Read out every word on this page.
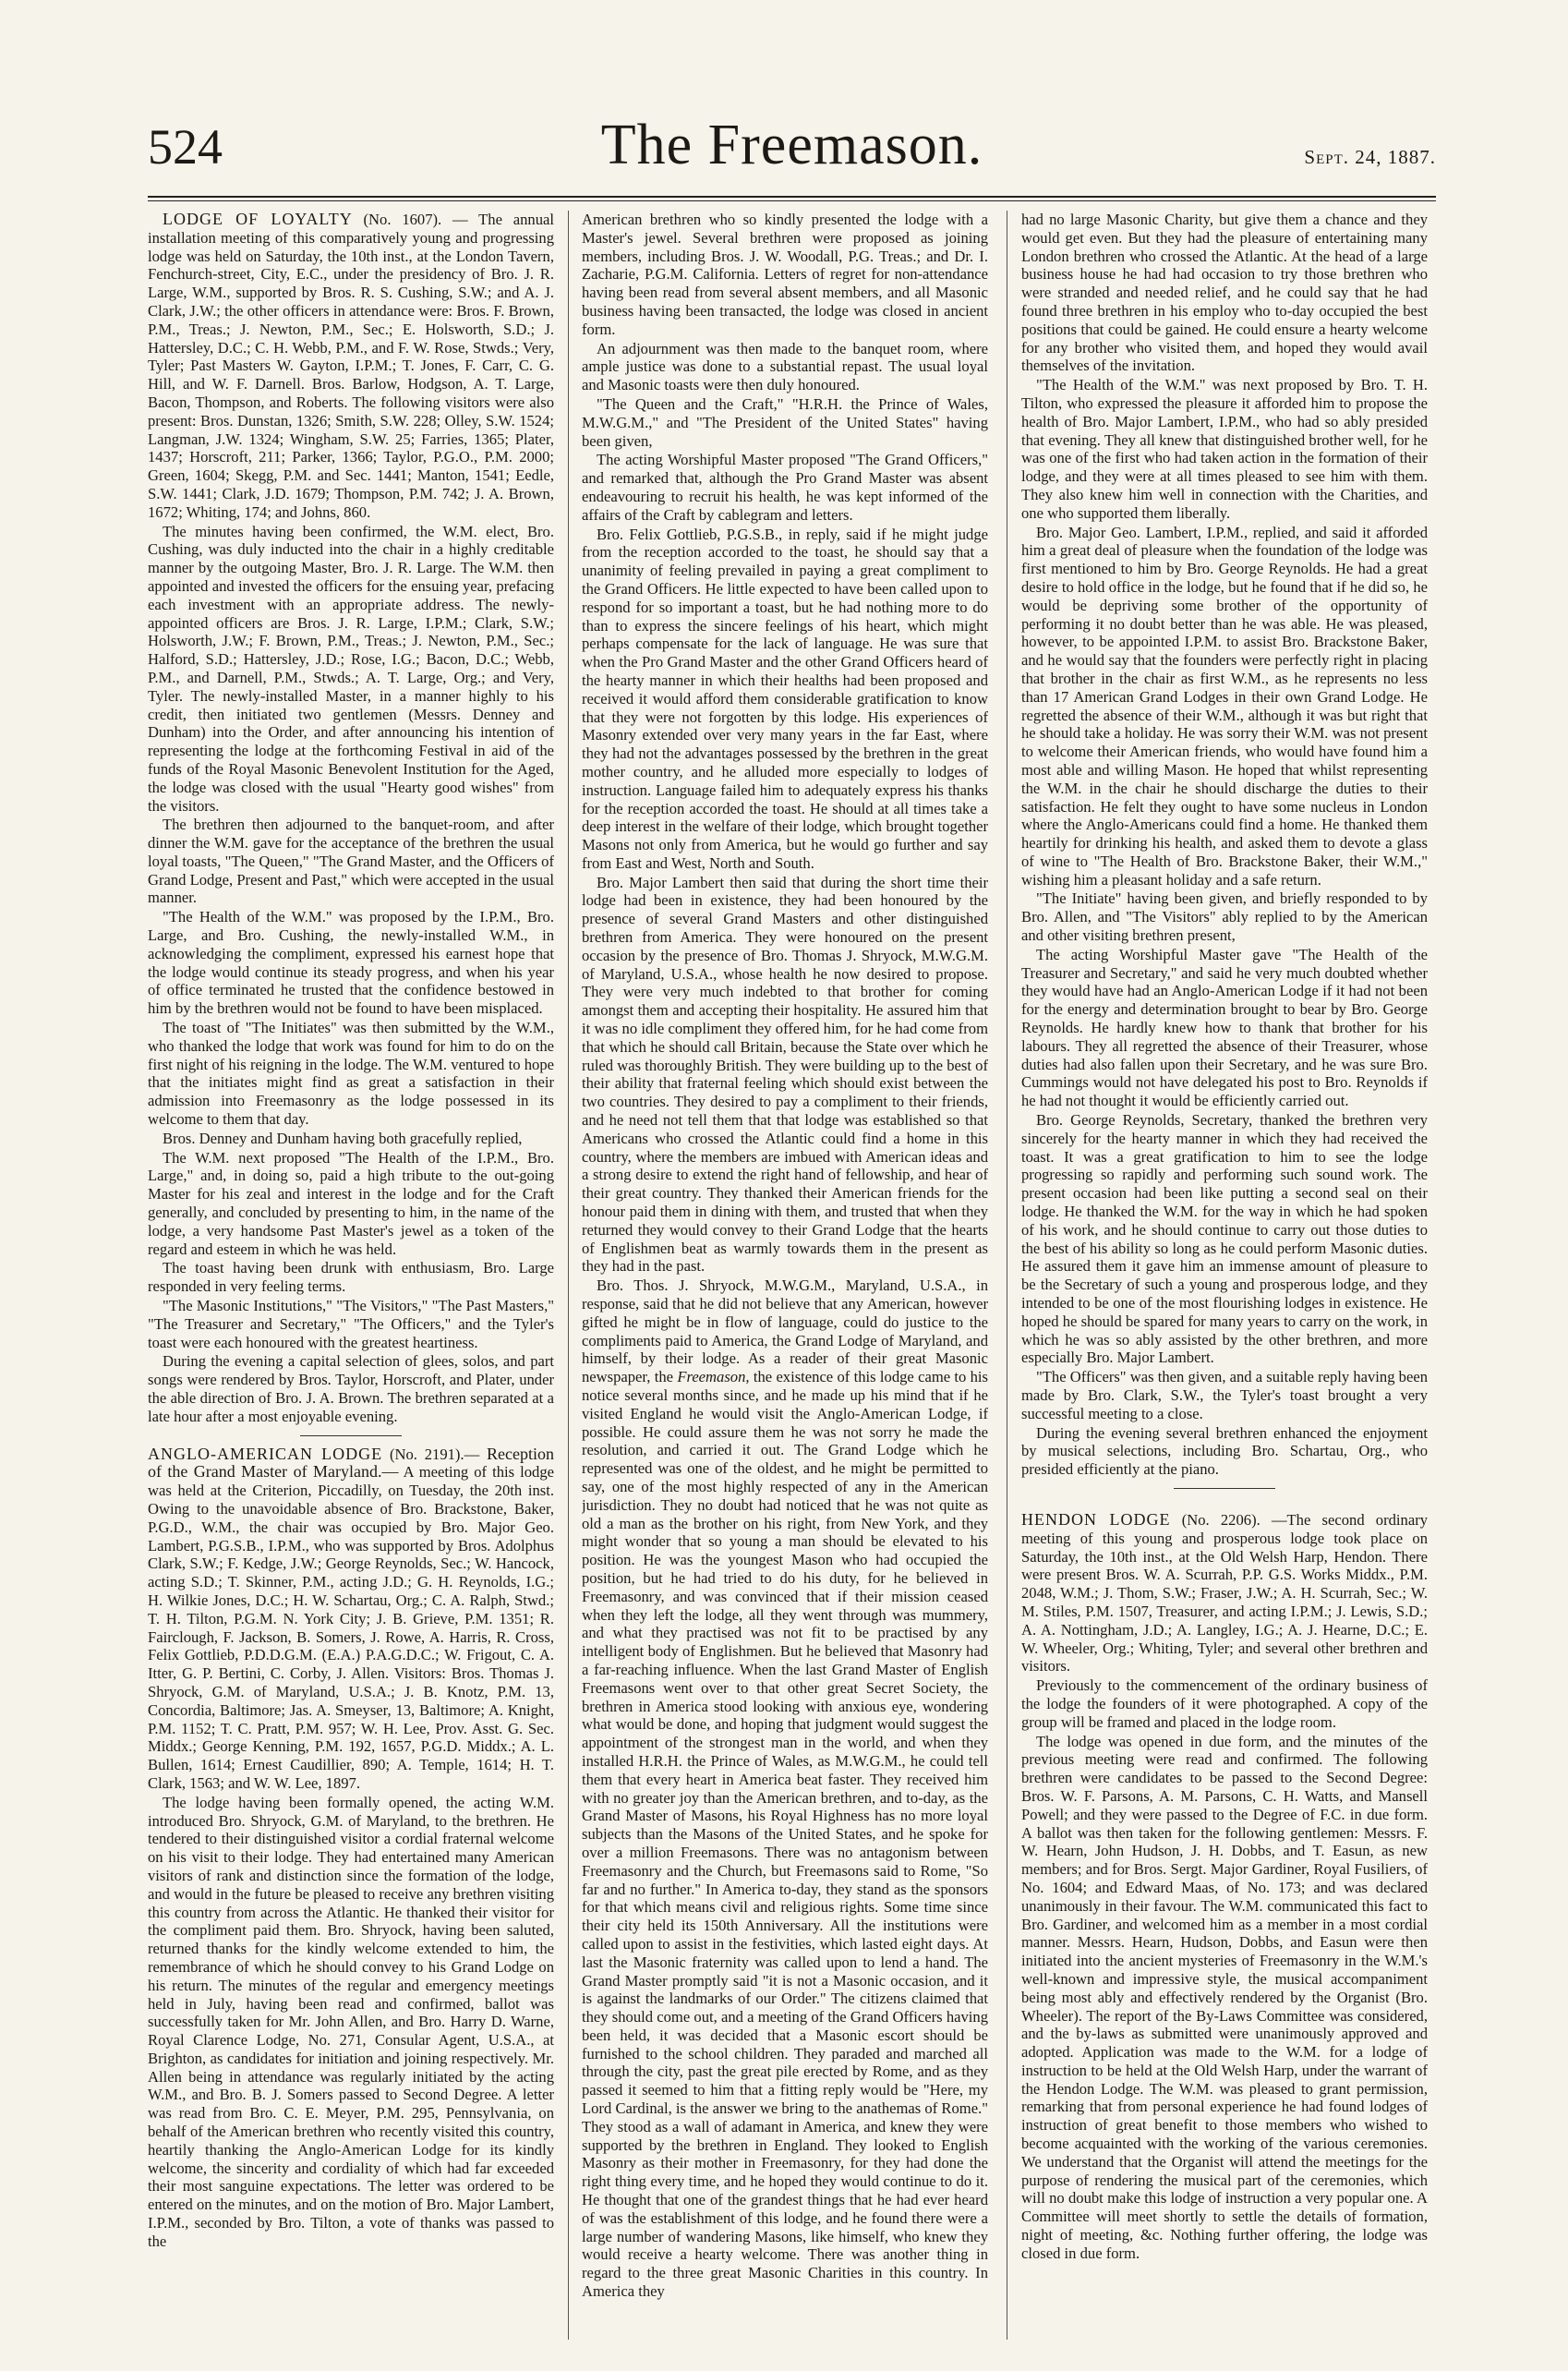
524	The Freemason.	Sept. 24, 1887.

LODGE OF LOYALTY (No. 1607). — The annual installation meeting of this comparatively young and progressing lodge was held on Saturday, the 10th inst., at the London Tavern, Fenchurch-street, City, E.C., under the presidency of Bro. J. R. Large, W.M., supported by Bros. R. S. Cushing, S.W.; and A. J. Clark, J.W.; the other officers in attendance were: Bros. F. Brown, P.M., Treas.; J. Newton, P.M., Sec.; E. Holsworth, S.D.; J. Hattersley, D.C.; C. H. Webb, P.M., and F. W. Rose, Stwds.; Very, Tyler; Past Masters W. Gayton, I.P.M.; T. Jones, F. Carr, C. G. Hill, and W. F. Darnell. Bros. Barlow, Hodgson, A. T. Large, Bacon, Thompson, and Roberts. The following visitors were also present: Bros. Dunstan, 1326; Smith, S.W. 228; Olley, S.W. 1524; Langman, J.W. 1324; Wingham, S.W. 25; Farries, 1365; Plater, 1437; Horscroft, 211; Parker, 1366; Taylor, P.G.O., P.M. 2000; Green, 1604; Skegg, P.M. and Sec. 1441; Manton, 1541; Eedle, S.W. 1441; Clark, J.D. 1679; Thompson, P.M. 742; J. A. Brown, 1672; Whiting, 174; and Johns, 860.

The minutes having been confirmed, the W.M. elect, Bro. Cushing, was duly inducted into the chair in a highly creditable manner by the outgoing Master, Bro. J. R. Large. The W.M. then appointed and invested the officers for the ensuing year, prefacing each investment with an appropriate address. The newly-appointed officers are Bros. J. R. Large, I.P.M.; Clark, S.W.; Holsworth, J.W.; F. Brown, P.M., Treas.; J. Newton, P.M., Sec.; Halford, S.D.; Hattersley, J.D.; Rose, I.G.; Bacon, D.C.; Webb, P.M., and Darnell, P.M., Stwds.; A. T. Large, Org.; and Very, Tyler. The newly-installed Master, in a manner highly to his credit, then initiated two gentlemen (Messrs. Denney and Dunham) into the Order, and after announcing his intention of representing the lodge at the forthcoming Festival in aid of the funds of the Royal Masonic Benevolent Institution for the Aged, the lodge was closed with the usual "Hearty good wishes" from the visitors.

The brethren then adjourned to the banquet-room, and after dinner the W.M. gave for the acceptance of the brethren the usual loyal toasts, "The Queen," "The Grand Master, and the Officers of Grand Lodge, Present and Past," which were accepted in the usual manner.

"The Health of the W.M." was proposed by the I.P.M., Bro. Large, and Bro. Cushing, the newly-installed W.M., in acknowledging the compliment, expressed his earnest hope that the lodge would continue its steady progress, and when his year of office terminated he trusted that the confidence bestowed in him by the brethren would not be found to have been misplaced.

The toast of "The Initiates" was then submitted by the W.M., who thanked the lodge that work was found for him to do on the first night of his reigning in the lodge. The W.M. ventured to hope that the initiates might find as great a satisfaction in their admission into Freemasonry as the lodge possessed in its welcome to them that day.

Bros. Denney and Dunham having both gracefully replied,

The W.M. next proposed "The Health of the I.P.M., Bro. Large," and, in doing so, paid a high tribute to the out-going Master for his zeal and interest in the lodge and for the Craft generally, and concluded by presenting to him, in the name of the lodge, a very handsome Past Master's jewel as a token of the regard and esteem in which he was held.

The toast having been drunk with enthusiasm, Bro. Large responded in very feeling terms.

"The Masonic Institutions," "The Visitors," "The Past Masters," "The Treasurer and Secretary," "The Officers," and the Tyler's toast were each honoured with the greatest heartiness.

During the evening a capital selection of glees, solos, and part songs were rendered by Bros. Taylor, Horscroft, and Plater, under the able direction of Bro. J. A. Brown. The brethren separated at a late hour after a most enjoyable evening.

ANGLO-AMERICAN LODGE (No. 2191).— Reception of the Grand Master of Maryland.— A meeting of this lodge was held at the Criterion, Piccadilly, on Tuesday, the 20th inst. Owing to the unavoidable absence of Bro. Brackstone, Baker, P.G.D., W.M., the chair was occupied by Bro. Major Geo. Lambert, P.G.S.B., I.P.M., who was supported by Bros. Adolphus Clark, S.W.; F. Kedge, J.W.; George Reynolds, Sec.; W. Hancock, acting S.D.; T. Skinner, P.M., acting J.D.; G. H. Reynolds, I.G.; H. Wilkie Jones, D.C.; H. W. Schartau, Org.; C. A. Ralph, Stwd.; T. H. Tilton, P.G.M. N. York City; J. B. Grieve, P.M. 1351; R. Fairclough, F. Jackson, B. Somers, J. Rowe, A. Harris, R. Cross, Felix Gottlieb, P.D.D.G.M. (E.A.) P.A.G.D.C.; W. Frigout, C. A. Itter, G. P. Bertini, C. Corby, J. Allen. Visitors: Bros. Thomas J. Shryock, G.M. of Maryland, U.S.A.; J. B. Knotz, P.M. 13, Concordia, Baltimore; Jas. A. Smeyser, 13, Baltimore; A. Knight, P.M. 1152; T. C. Pratt, P.M. 957; W. H. Lee, Prov. Asst. G. Sec. Middx.; George Kenning, P.M. 192, 1657, P.G.D. Middx.; A. L. Bullen, 1614; Ernest Caudillier, 890; A. Temple, 1614; H. T. Clark, 1563; and W. W. Lee, 1897.

The lodge having been formally opened, the acting W.M. introduced Bro. Shryock, G.M. of Maryland, to the brethren. He tendered to their distinguished visitor a cordial fraternal welcome on his visit to their lodge. They had entertained many American visitors of rank and distinction since the formation of the lodge, and would in the future be pleased to receive any brethren visiting this country from across the Atlantic. He thanked their visitor for the compliment paid them. Bro. Shryock, having been saluted, returned thanks for the kindly welcome extended to him, the remembrance of which he should convey to his Grand Lodge on his return. The minutes of the regular and emergency meetings held in July, having been read and confirmed, ballot was successfully taken for Mr. John Allen, and Bro. Harry D. Warne, Royal Clarence Lodge, No. 271, Consular Agent, U.S.A., at Brighton, as candidates for initiation and joining respectively. Mr. Allen being in attendance was regularly initiated by the acting W.M., and Bro. B. J. Somers passed to Second Degree. A letter was read from Bro. C. E. Meyer, P.M. 295, Pennsylvania, on behalf of the American brethren who recently visited this country, heartily thanking the Anglo-American Lodge for its kindly welcome, the sincerity and cordiality of which had far exceeded their most sanguine expectations. The letter was ordered to be entered on the minutes, and on the motion of Bro. Major Lambert, I.P.M., seconded by Bro. Tilton, a vote of thanks was passed to the

American brethren who so kindly presented the lodge with a Master's jewel. Several brethren were proposed as joining members, including Bros. J. W. Woodall, P.G. Treas.; and Dr. I. Zacharie, P.G.M. California. Letters of regret for non-attendance having been read from several absent members, and all Masonic business having been transacted, the lodge was closed in ancient form.

An adjournment was then made to the banquet room, where ample justice was done to a substantial repast. The usual loyal and Masonic toasts were then duly honoured.

"The Queen and the Craft," "H.R.H. the Prince of Wales, M.W.G.M.," and "The President of the United States" having been given,

The acting Worshipful Master proposed "The Grand Officers," and remarked that, although the Pro Grand Master was absent endeavouring to recruit his health, he was kept informed of the affairs of the Craft by cablegram and letters.

Bro. Felix Gottlieb, P.G.S.B., in reply, said if he might judge from the reception accorded to the toast, he should say that a unanimity of feeling prevailed in paying a great compliment to the Grand Officers. He little expected to have been called upon to respond for so important a toast, but he had nothing more to do than to express the sincere feelings of his heart, which might perhaps compensate for the lack of language. He was sure that when the Pro Grand Master and the other Grand Officers heard of the hearty manner in which their healths had been proposed and received it would afford them considerable gratification to know that they were not forgotten by this lodge. His experiences of Masonry extended over very many years in the far East, where they had not the advantages possessed by the brethren in the great mother country, and he alluded more especially to lodges of instruction. Language failed him to adequately express his thanks for the reception accorded the toast. He should at all times take a deep interest in the welfare of their lodge, which brought together Masons not only from America, but he would go further and say from East and West, North and South.

Bro. Major Lambert then said that during the short time their lodge had been in existence, they had been honoured by the presence of several Grand Masters and other distinguished brethren from America. They were honoured on the present occasion by the presence of Bro. Thomas J. Shryock, M.W.G.M. of Maryland, U.S.A., whose health he now desired to propose. They were very much indebted to that brother for coming amongst them and accepting their hospitality. He assured him that it was no idle compliment they offered him, for he had come from that which he should call Britain, because the State over which he ruled was thoroughly British. They were building up to the best of their ability that fraternal feeling which should exist between the two countries. They desired to pay a compliment to their friends, and he need not tell them that that lodge was established so that Americans who crossed the Atlantic could find a home in this country, where the members are imbued with American ideas and a strong desire to extend the right hand of fellowship, and hear of their great country. They thanked their American friends for the honour paid them in dining with them, and trusted that when they returned they would convey to their Grand Lodge that the hearts of Englishmen beat as warmly towards them in the present as they had in the past.

Bro. Thos. J. Shryock, M.W.G.M., Maryland, U.S.A., in response, said that he did not believe that any American, however gifted he might be in flow of language, could do justice to the compliments paid to America, the Grand Lodge of Maryland, and himself, by their lodge. As a reader of their great Masonic newspaper, the Freemason, the existence of this lodge came to his notice several months since, and he made up his mind that if he visited England he would visit the Anglo-American Lodge, if possible. He could assure them he was not sorry he made the resolution, and carried it out. The Grand Lodge which he represented was one of the oldest, and he might be permitted to say, one of the most highly respected of any in the American jurisdiction. They no doubt had noticed that he was not quite as old a man as the brother on his right, from New York, and they might wonder that so young a man should be elevated to his position. He was the youngest Mason who had occupied the position, but he had tried to do his duty, for he believed in Freemasonry, and was convinced that if their mission ceased when they left the lodge, all they went through was mummery, and what they practised was not fit to be practised by any intelligent body of Englishmen. But he believed that Masonry had a far-reaching influence. When the last Grand Master of English Freemasons went over to that other great Secret Society, the brethren in America stood looking with anxious eye, wondering what would be done, and hoping that judgment would suggest the appointment of the strongest man in the world, and when they installed H.R.H. the Prince of Wales, as M.W.G.M., he could tell them that every heart in America beat faster. They received him with no greater joy than the American brethren, and to-day, as the Grand Master of Masons, his Royal Highness has no more loyal subjects than the Masons of the United States, and he spoke for over a million Freemasons. There was no antagonism between Freemasonry and the Church, but Freemasons said to Rome, "So far and no further." In America to-day, they stand as the sponsors for that which means civil and religious rights. Some time since their city held its 150th Anniversary. All the institutions were called upon to assist in the festivities, which lasted eight days. At last the Masonic fraternity was called upon to lend a hand. The Grand Master promptly said "it is not a Masonic occasion, and it is against the landmarks of our Order." The citizens claimed that they should come out, and a meeting of the Grand Officers having been held, it was decided that a Masonic escort should be furnished to the school children. They paraded and marched all through the city, past the great pile erected by Rome, and as they passed it seemed to him that a fitting reply would be "Here, my Lord Cardinal, is the answer we bring to the anathemas of Rome." They stood as a wall of adamant in America, and knew they were supported by the brethren in England. They looked to English Masonry as their mother in Freemasonry, for they had done the right thing every time, and he hoped they would continue to do it. He thought that one of the grandest things that he had ever heard of was the establishment of this lodge, and he found there were a large number of wandering Masons, like himself, who knew they would receive a hearty welcome. There was another thing in regard to the three great Masonic Charities in this country. In America they

had no large Masonic Charity, but give them a chance and they would get even. But they had the pleasure of entertaining many London brethren who crossed the Atlantic. At the head of a large business house he had had occasion to try those brethren who were stranded and needed relief, and he could say that he had found three brethren in his employ who to-day occupied the best positions that could be gained. He could ensure a hearty welcome for any brother who visited them, and hoped they would avail themselves of the invitation.

"The Health of the W.M." was next proposed by Bro. T. H. Tilton, who expressed the pleasure it afforded him to propose the health of Bro. Major Lambert, I.P.M., who had so ably presided that evening. They all knew that distinguished brother well, for he was one of the first who had taken action in the formation of their lodge, and they were at all times pleased to see him with them. They also knew him well in connection with the Charities, and one who supported them liberally.

Bro. Major Geo. Lambert, I.P.M., replied, and said it afforded him a great deal of pleasure when the foundation of the lodge was first mentioned to him by Bro. George Reynolds. He had a great desire to hold office in the lodge, but he found that if he did so, he would be depriving some brother of the opportunity of performing it no doubt better than he was able. He was pleased, however, to be appointed I.P.M. to assist Bro. Brackstone Baker, and he would say that the founders were perfectly right in placing that brother in the chair as first W.M., as he represents no less than 17 American Grand Lodges in their own Grand Lodge. He regretted the absence of their W.M., although it was but right that he should take a holiday. He was sorry their W.M. was not present to welcome their American friends, who would have found him a most able and willing Mason. He hoped that whilst representing the W.M. in the chair he should discharge the duties to their satisfaction. He felt they ought to have some nucleus in London where the Anglo-Americans could find a home. He thanked them heartily for drinking his health, and asked them to devote a glass of wine to "The Health of Bro. Brackstone Baker, their W.M.," wishing him a pleasant holiday and a safe return.

"The Initiate" having been given, and briefly responded to by Bro. Allen, and "The Visitors" ably replied to by the American and other visiting brethren present,

The acting Worshipful Master gave "The Health of the Treasurer and Secretary," and said he very much doubted whether they would have had an Anglo-American Lodge if it had not been for the energy and determination brought to bear by Bro. George Reynolds. He hardly knew how to thank that brother for his labours. They all regretted the absence of their Treasurer, whose duties had also fallen upon their Secretary, and he was sure Bro. Cummings would not have delegated his post to Bro. Reynolds if he had not thought it would be efficiently carried out.

Bro. George Reynolds, Secretary, thanked the brethren very sincerely for the hearty manner in which they had received the toast. It was a great gratification to him to see the lodge progressing so rapidly and performing such sound work. The present occasion had been like putting a second seal on their lodge. He thanked the W.M. for the way in which he had spoken of his work, and he should continue to carry out those duties to the best of his ability so long as he could perform Masonic duties. He assured them it gave him an immense amount of pleasure to be the Secretary of such a young and prosperous lodge, and they intended to be one of the most flourishing lodges in existence. He hoped he should be spared for many years to carry on the work, in which he was so ably assisted by the other brethren, and more especially Bro. Major Lambert.

"The Officers" was then given, and a suitable reply having been made by Bro. Clark, S.W., the Tyler's toast brought a very successful meeting to a close.

During the evening several brethren enhanced the enjoyment by musical selections, including Bro. Schartau, Org., who presided efficiently at the piano.

HENDON LODGE (No. 2206). —The second ordinary meeting of this young and prosperous lodge took place on Saturday, the 10th inst., at the Old Welsh Harp, Hendon. There were present Bros. W. A. Scurrah, P.P. G.S. Works Middx., P.M. 2048, W.M.; J. Thom, S.W.; Fraser, J.W.; A. H. Scurrah, Sec.; W. M. Stiles, P.M. 1507, Treasurer, and acting I.P.M.; J. Lewis, S.D.; A. A. Nottingham, J.D.; A. Langley, I.G.; A. J. Hearne, D.C.; E. W. Wheeler, Org.; Whiting, Tyler; and several other brethren and visitors.

Previously to the commencement of the ordinary business of the lodge the founders of it were photographed. A copy of the group will be framed and placed in the lodge room.

The lodge was opened in due form, and the minutes of the previous meeting were read and confirmed. The following brethren were candidates to be passed to the Second Degree: Bros. W. F. Parsons, A. M. Parsons, C. H. Watts, and Mansell Powell; and they were passed to the Degree of F.C. in due form. A ballot was then taken for the following gentlemen: Messrs. F. W. Hearn, John Hudson, J. H. Dobbs, and T. Easun, as new members; and for Bros. Sergt. Major Gardiner, Royal Fusiliers, of No. 1604; and Edward Maas, of No. 173; and was declared unanimously in their favour. The W.M. communicated this fact to Bro. Gardiner, and welcomed him as a member in a most cordial manner. Messrs. Hearn, Hudson, Dobbs, and Easun were then initiated into the ancient mysteries of Freemasonry in the W.M.'s well-known and impressive style, the musical accompaniment being most ably and effectively rendered by the Organist (Bro. Wheeler). The report of the By-Laws Committee was considered, and the by-laws as submitted were unanimously approved and adopted. Application was made to the W.M. for a lodge of instruction to be held at the Old Welsh Harp, under the warrant of the Hendon Lodge. The W.M. was pleased to grant permission, remarking that from personal experience he had found lodges of instruction of great benefit to those members who wished to become acquainted with the working of the various ceremonies. We understand that the Organist will attend the meetings for the purpose of rendering the musical part of the ceremonies, which will no doubt make this lodge of instruction a very popular one. A Committee will meet shortly to settle the details of formation, night of meeting, &c. Nothing further offering, the lodge was closed in due form.
